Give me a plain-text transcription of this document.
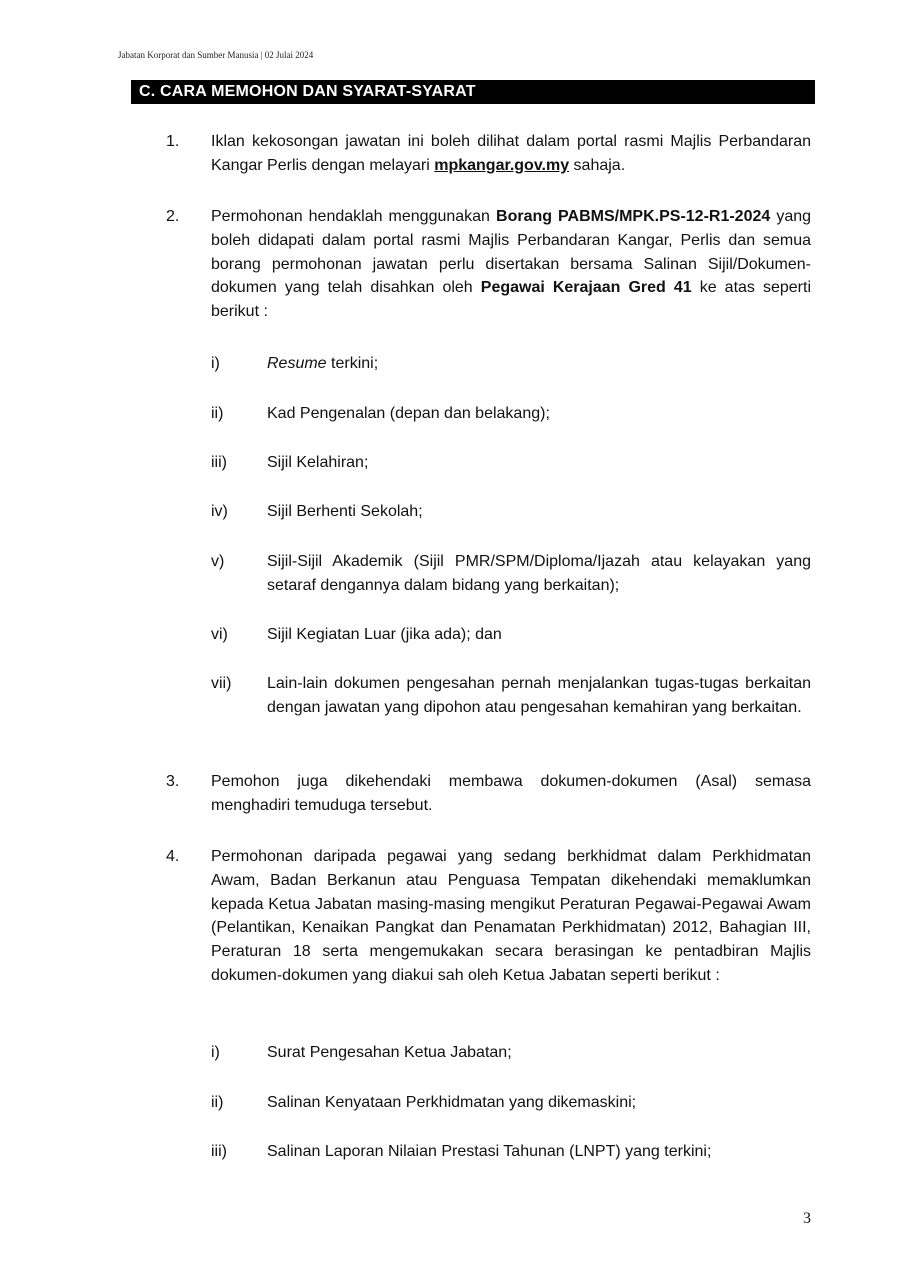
Jabatan Korporat dan Sumber Manusia | 02 Julai 2024
C. CARA MEMOHON DAN SYARAT-SYARAT
1. Iklan kekosongan jawatan ini boleh dilihat dalam portal rasmi Majlis Perbandaran Kangar Perlis dengan melayari mpkangar.gov.my sahaja.
2. Permohonan hendaklah menggunakan Borang PABMS/MPK.PS-12-R1-2024 yang boleh didapati dalam portal rasmi Majlis Perbandaran Kangar, Perlis dan semua borang permohonan jawatan perlu disertakan bersama Salinan Sijil/Dokumen-dokumen yang telah disahkan oleh Pegawai Kerajaan Gred 41 ke atas seperti berikut :
i)	Resume terkini;
ii)	Kad Pengenalan (depan dan belakang);
iii)	Sijil Kelahiran;
iv) Sijil Berhenti Sekolah;
v)	Sijil-Sijil Akademik (Sijil PMR/SPM/Diploma/Ijazah atau kelayakan yang setaraf dengannya dalam bidang yang berkaitan);
vi) Sijil Kegiatan Luar (jika ada); dan
vii) Lain-lain dokumen pengesahan pernah menjalankan tugas-tugas berkaitan dengan jawatan yang dipohon atau pengesahan kemahiran yang berkaitan.
3. Pemohon juga dikehendaki membawa dokumen-dokumen (Asal) semasa menghadiri temuduga tersebut.
4. Permohonan daripada pegawai yang sedang berkhidmat dalam Perkhidmatan Awam, Badan Berkanun atau Penguasa Tempatan dikehendaki memaklumkan kepada Ketua Jabatan masing-masing mengikut Peraturan Pegawai-Pegawai Awam (Pelantikan, Kenaikan Pangkat dan Penamatan Perkhidmatan) 2012, Bahagian III, Peraturan 18 serta mengemukakan secara berasingan ke pentadbiran Majlis dokumen-dokumen yang diakui sah oleh Ketua Jabatan seperti berikut :
i)	Surat Pengesahan Ketua Jabatan;
ii)	Salinan Kenyataan Perkhidmatan yang dikemaskini;
iii)	Salinan Laporan Nilaian Prestasi Tahunan (LNPT) yang terkini;
3
